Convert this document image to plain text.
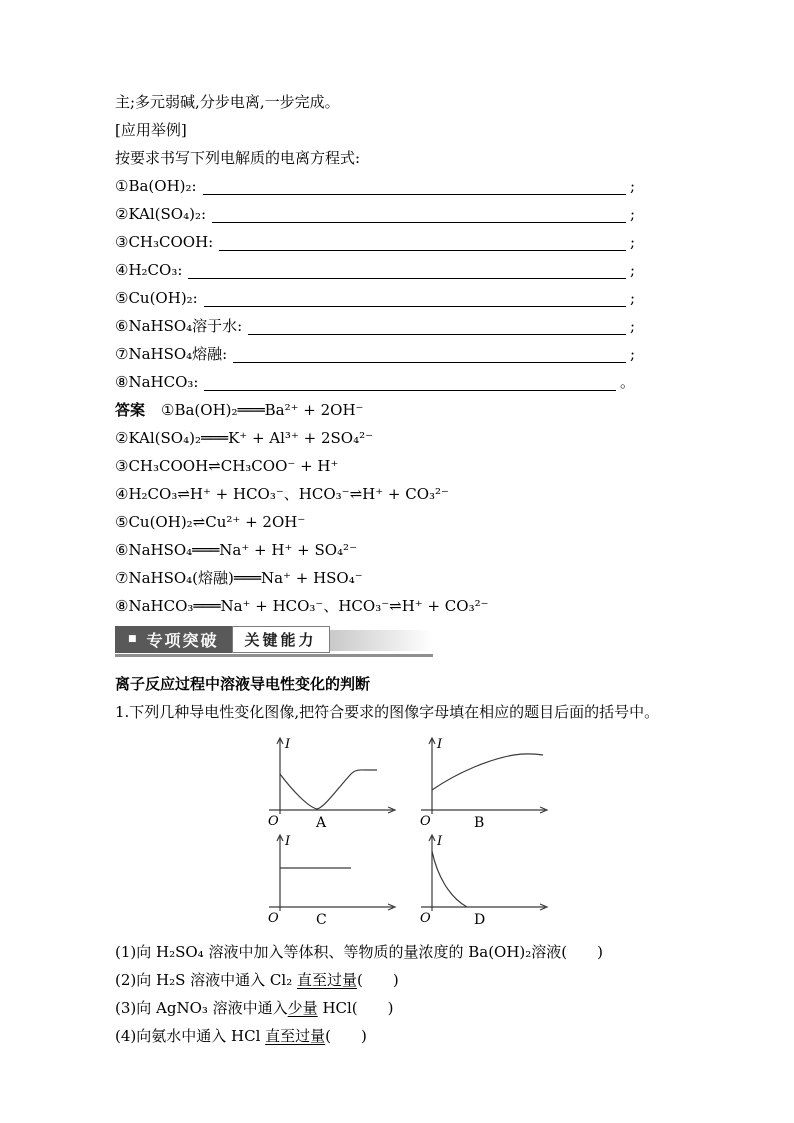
主;多元弱碱,分步电离,一步完成。
[应用举例]
按要求书写下列电解质的电离方程式:
①Ba(OH)₂:	;
②KAl(SO₄)₂:	;
③CH₃COOH:	;
④H₂CO₃:	;
⑤Cu(OH)₂:	;
⑥NaHSO₄溶于水:	;
⑦NaHSO₄熔融:	;
⑧NaHCO₃:	。
答案 ①Ba(OH)₂═══Ba²⁺ + 2OH⁻
②KAl(SO₄)₂═══K⁺ + Al³⁺ + 2SO₄²⁻
③CH₃COOH⇌CH₃COO⁻ + H⁺
④H₂CO₃⇌H⁺ + HCO₃⁻、HCO₃⁻⇌H⁺ + CO₃²⁻
⑤Cu(OH)₂⇌Cu²⁺ + 2OH⁻
⑥NaHSO₄═══Na⁺ + H⁺ + SO₄²⁻
⑦NaHSO₄(熔融)═══Na⁺ + HSO₄⁻
⑧NaHCO₃═══Na⁺ + HCO₃⁻、HCO₃⁻⇌H⁺ + CO₃²⁻
■ 专项突破	关键能力
离子反应过程中溶液导电性变化的判断
1.下列几种导电性变化图像,把符合要求的图像字母填在相应的题目后面的括号中。
I
O	A
I
O	B
I
O	C
I
O	D
(1)向 H₂SO₄ 溶液中加入等体积、等物质的量浓度的 Ba(OH)₂溶液(　　)
(2)向 H₂S 溶液中通入 Cl₂ 直至过量(　　)
(3)向 AgNO₃ 溶液中通入少量 HCl(　　)
(4)向氨水中通入 HCl 直至过量(　　)
